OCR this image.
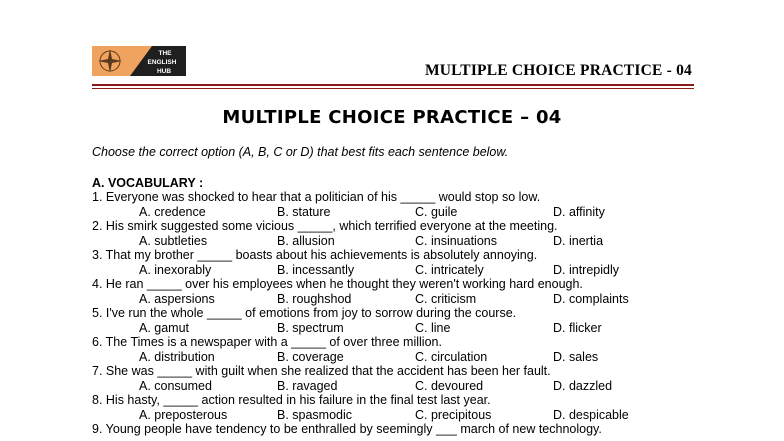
THE
ENGLISH
HUB	MULTIPLE CHOICE PRACTICE - 04
MULTIPLE CHOICE PRACTICE – 04
Choose the correct option (A, B, C or D) that best fits each sentence below.
A. VOCABULARY :
1. Everyone was shocked to hear that a politician of his _____ would stop so low.
A. credence	B. stature	C. guile	D. affinity
2. His smirk suggested some vicious _____, which terrified everyone at the meeting.
A. subtleties	B. allusion	C. insinuations	D. inertia
3. That my brother _____ boasts about his achievements is absolutely annoying.
A. inexorably	B. incessantly	C. intricately	D. intrepidly
4. He ran _____ over his employees when he thought they weren't working hard enough.
A. aspersions	B. roughshod	C. criticism	D. complaints
5. I've run the whole _____ of emotions from joy to sorrow during the course.
A. gamut	B. spectrum	C. line	D. flicker
6. The Times is a newspaper with a _____ of over three million.
A. distribution	B. coverage	C. circulation	D. sales
7. She was _____ with guilt when she realized that the accident has been her fault.
A. consumed	B. ravaged	C. devoured	D. dazzled
8. His hasty, _____ action resulted in his failure in the final test last year.
A. preposterous	B. spasmodic	C. precipitous	D. despicable
9. Young people have tendency to be enthralled by seemingly ___ march of new technology.
